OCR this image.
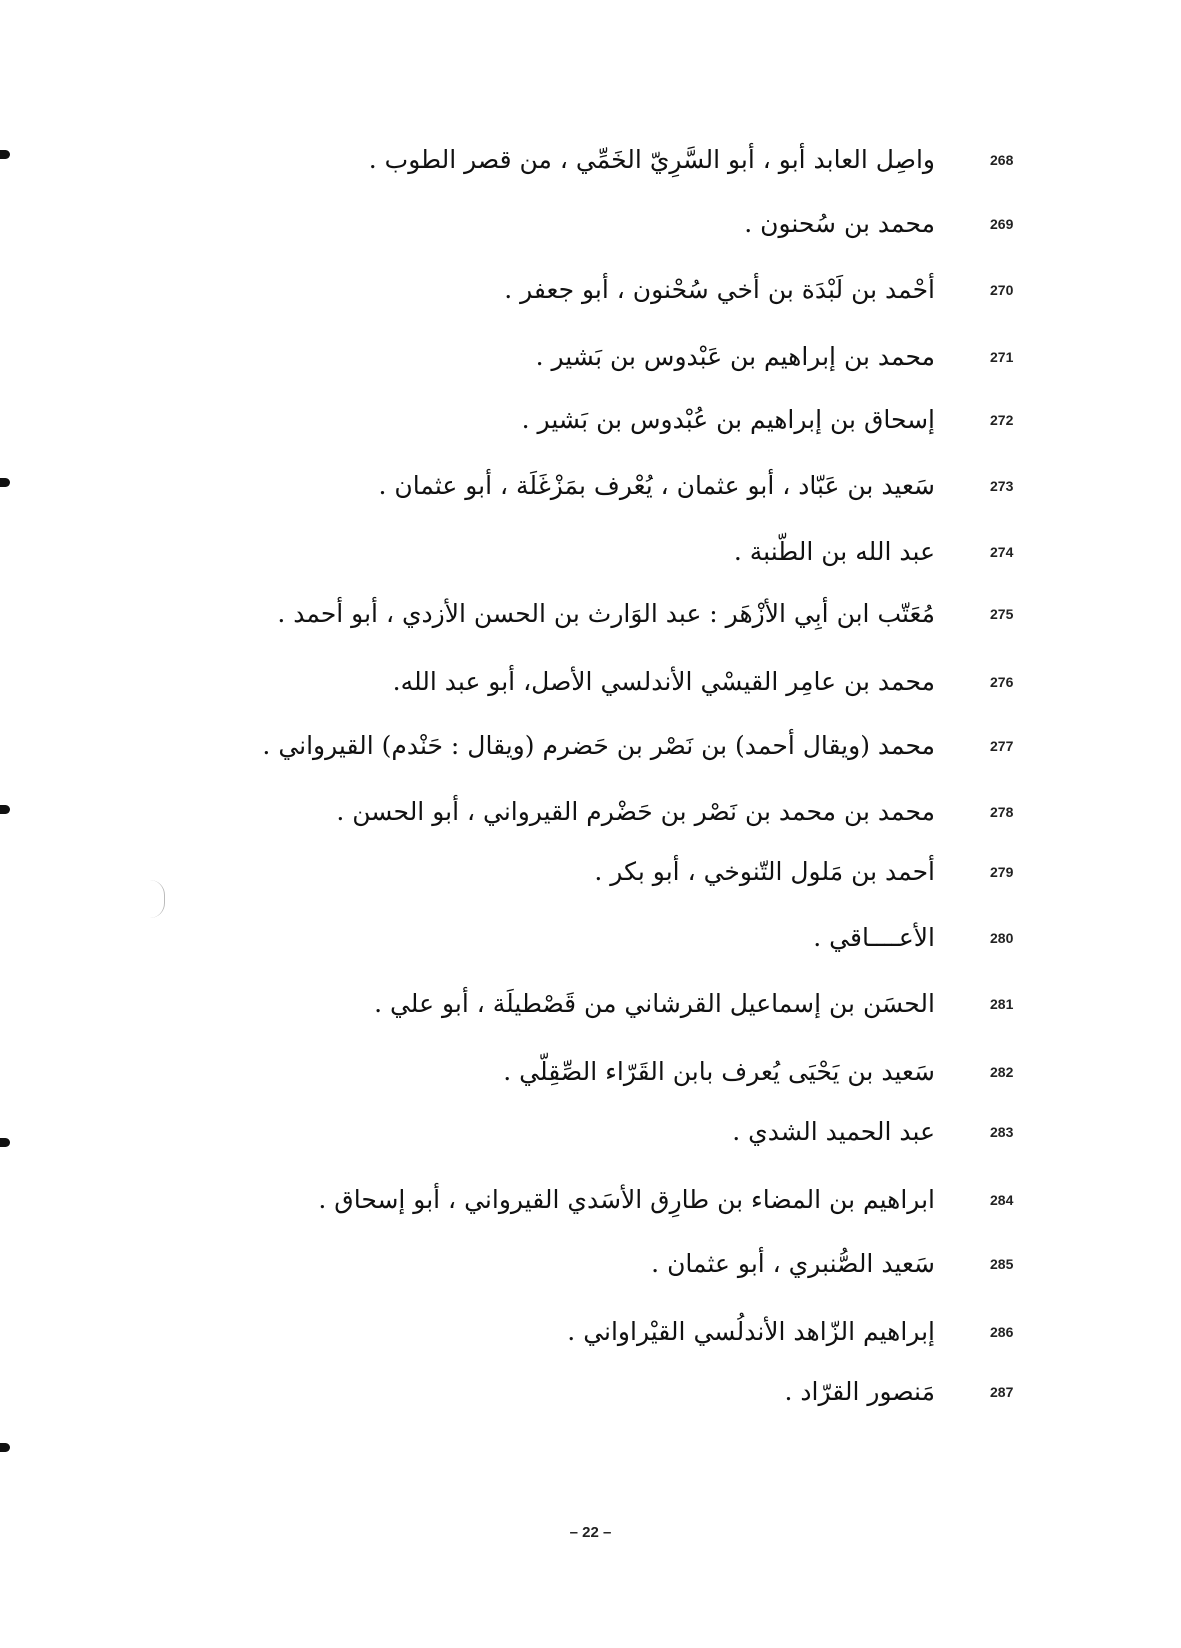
268
واصِل العابد أبو ، أبو السَّرِيّ الخَمِّي ، من قصر الطوب .
269
محمد بن سُحنون .
270
أحْمد بن لَبْدَة بن أخي سُحْنون ، أبو جعفر .
271
محمد بن إبراهيم بن عَبْدوس بن بَشير .
272
إسحاق بن إبراهيم بن عُبْدوس بن بَشير .
273
سَعيد بن عَبّاد ، أبو عثمان ، يُعْرف بمَزْغَلَة ، أبو عثمان .
274
عبد الله بن الطّنبة .
275
مُعَتّب ابن أبِي الأزْهَر : عبد الوَارث بن الحسن الأزدي ، أبو أحمد .
276
محمد بن عامِر القيسْي الأندلسي الأصل، أبو عبد الله.
277
محمد (ويقال أحمد) بن نَصْر بن حَضرم (ويقال : حَنْدم) القيرواني .
278
محمد بن محمد بن نَصْر بن حَضْرم القيرواني ، أبو الحسن .
279
أحمد بن مَلول التّنوخي ، أبو بكر .
280
الأعــــاقي .
281
الحسَن بن إسماعيل القرشاني من قَصْطيلَة ، أبو علي .
282
سَعيد بن يَحْيَى يُعرف بابن القَرّاء الصِّقِلّي .
283
عبد الحميد الشدي .
284
ابراهيم بن المضاء بن طارِق الأسَدي القيرواني ، أبو إسحاق .
285
سَعيد الصُّنبري ، أبو عثمان .
286
إبراهيم الزّاهد الأندلُسي القيْراواني .
287
مَنصور القرّاد .
– 22 –
